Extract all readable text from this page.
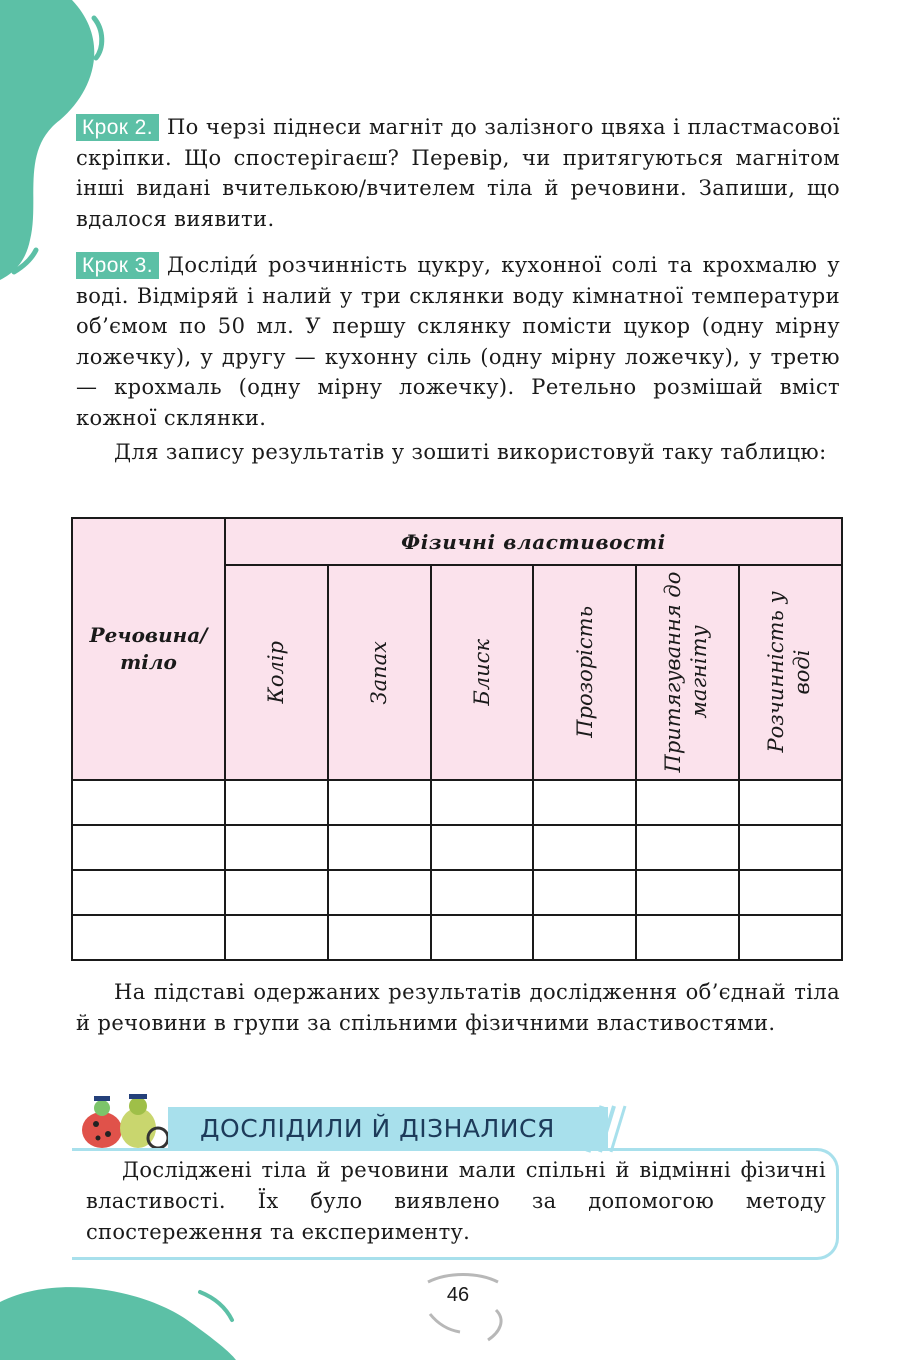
Крок 2. По черзі піднеси магніт до залізного цвяха і пластмасової скріпки. Що спостерігаєш? Перевір, чи притягуються магнітом інші видані вчителькою/вчителем тіла й речовини. Запиши, що вдалося виявити.
Крок 3. Досліди́ розчинність цукру, кухонної солі та крохмалю у воді. Відміряй і налий у три склянки воду кімнатної температури об’ємом по 50 мл. У першу склянку помісти цукор (одну мірну ложечку), у другу — кухонну сіль (одну мірну ложечку), у третю — крохмаль (одну мірну ложечку). Ретельно розмішай вміст кожної склянки.
Для запису результатів у зошиті використовуй таку таблицю:
Речовина/ тіло	Фізичні властивості					

	Колір	Запах	Блиск	Прозорість	Притягування до магніту	Розчинність у воді

На підставі одержаних результатів дослідження об’єднай тіла й речовини в групи за спільними фізичними властивостями.
ДОСЛІДИЛИ Й ДІЗНАЛИСЯ
Досліджені тіла й речовини мали спільні й відмінні фізичні властивості. Їх було виявлено за допомогою методу спостереження та експерименту.
46
